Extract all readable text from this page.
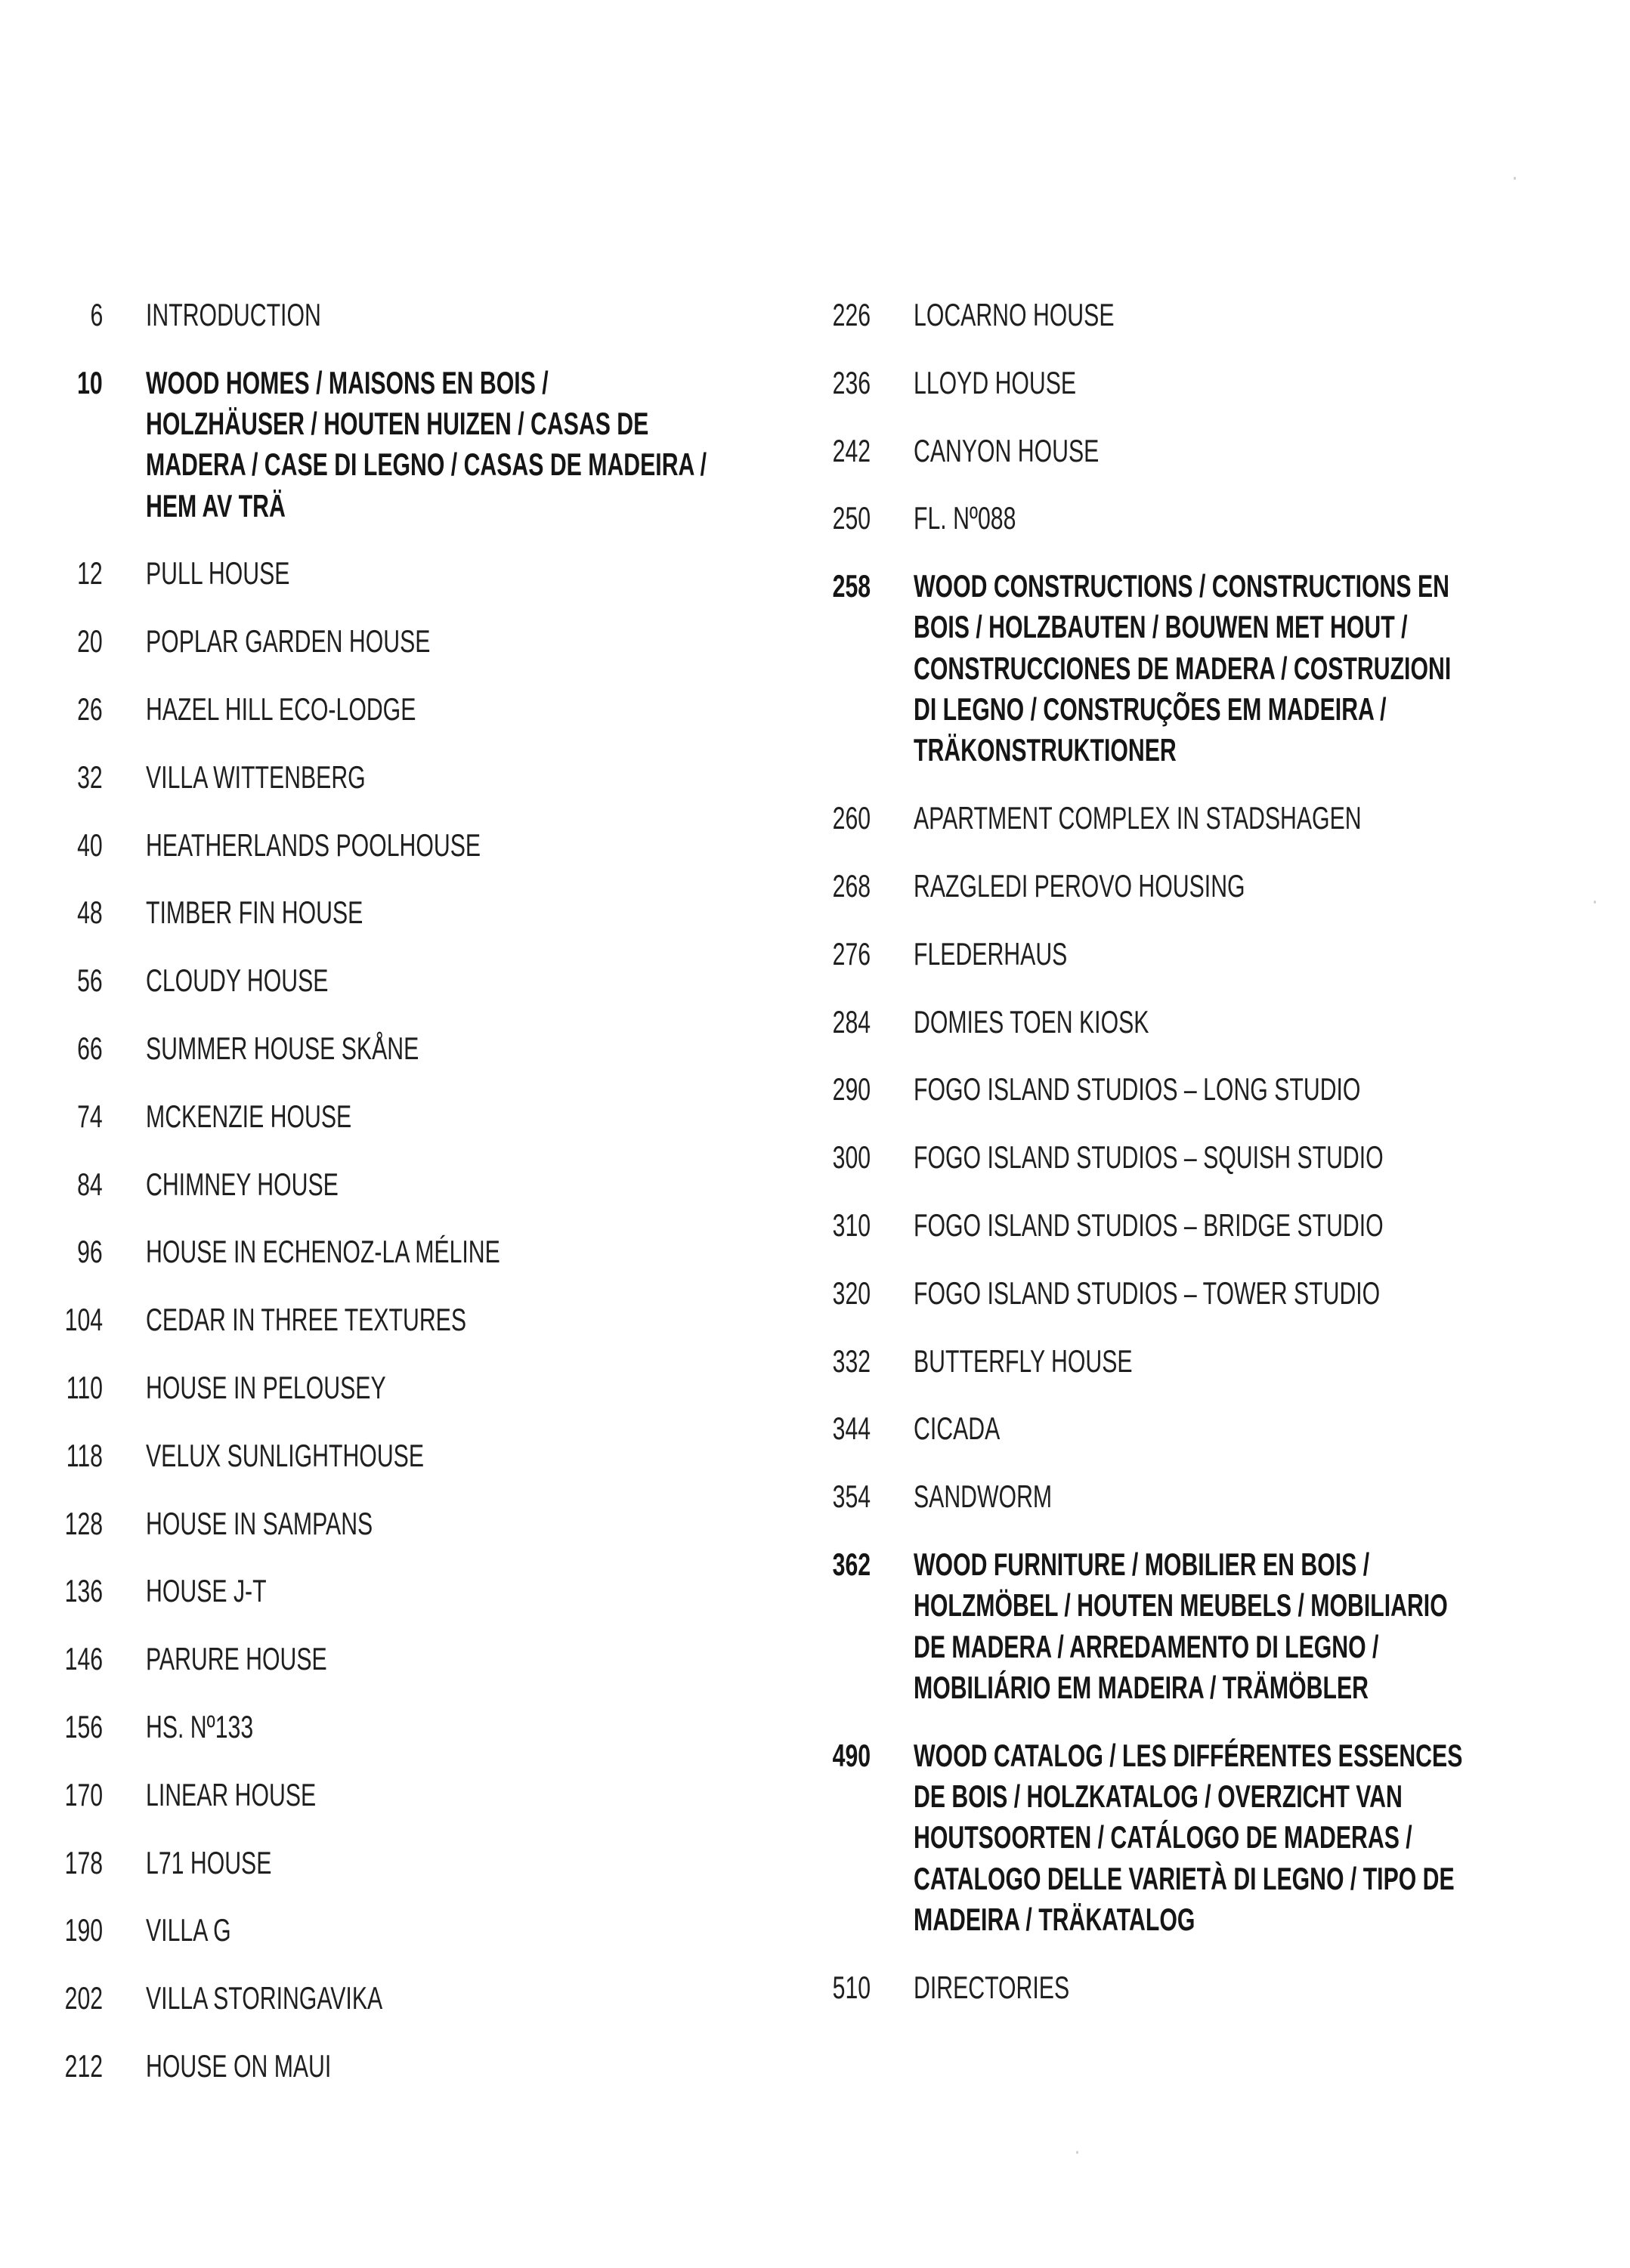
6 INTRODUCTION
10 WOOD HOMES / MAISONS EN BOIS /
HOLZHÄUSER / HOUTEN HUIZEN / CASAS DE
MADERA / CASE DI LEGNO / CASAS DE MADEIRA /
HEM AV TRÄ
12 PULL HOUSE
20 POPLAR GARDEN HOUSE
26 HAZEL HILL ECO-LODGE
32 VILLA WITTENBERG
40 HEATHERLANDS POOLHOUSE
48 TIMBER FIN HOUSE
56 CLOUDY HOUSE
66 SUMMER HOUSE SKÅNE
74 MCKENZIE HOUSE
84 CHIMNEY HOUSE
96 HOUSE IN ECHENOZ-LA MÉLINE
104 CEDAR IN THREE TEXTURES
110 HOUSE IN PELOUSEY
118 VELUX SUNLIGHTHOUSE
128 HOUSE IN SAMPANS
136 HOUSE J-T
146 PARURE HOUSE
156 HS. Nº133
170 LINEAR HOUSE
178 L71 HOUSE
190 VILLA G
202 VILLA STORINGAVIKA
212 HOUSE ON MAUI
226 LOCARNO HOUSE
236 LLOYD HOUSE
242 CANYON HOUSE
250 FL. Nº088
258 WOOD CONSTRUCTIONS / CONSTRUCTIONS EN
BOIS / HOLZBAUTEN / BOUWEN MET HOUT /
CONSTRUCCIONES DE MADERA / COSTRUZIONI
DI LEGNO / CONSTRUÇÕES EM MADEIRA /
TRÄKONSTRUKTIONER
260 APARTMENT COMPLEX IN STADSHAGEN
268 RAZGLEDI PEROVO HOUSING
276 FLEDERHAUS
284 DOMIES TOEN KIOSK
290 FOGO ISLAND STUDIOS – LONG STUDIO
300 FOGO ISLAND STUDIOS – SQUISH STUDIO
310 FOGO ISLAND STUDIOS – BRIDGE STUDIO
320 FOGO ISLAND STUDIOS – TOWER STUDIO
332 BUTTERFLY HOUSE
344 CICADA
354 SANDWORM
362 WOOD FURNITURE / MOBILIER EN BOIS /
HOLZMÖBEL / HOUTEN MEUBELS / MOBILIARIO
DE MADERA / ARREDAMENTO DI LEGNO /
MOBILIÁRIO EM MADEIRA / TRÄMÖBLER
490 WOOD CATALOG / LES DIFFÉRENTES ESSENCES
DE BOIS / HOLZKATALOG / OVERZICHT VAN
HOUTSOORTEN / CATÁLOGO DE MADERAS /
CATALOGO DELLE VARIETÀ DI LEGNO / TIPO DE
MADEIRA / TRÄKATALOG
510 DIRECTORIES
